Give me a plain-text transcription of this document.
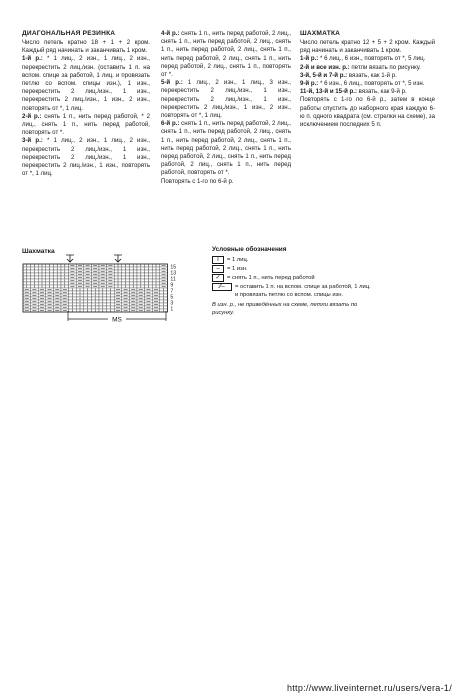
ДИАГОНАЛЬНАЯ РЕЗИНКА

Число петель кратно 18 + 1 + 2 кром. Каждый ряд начинать и заканчивать 1 кром.

1-й р.: * 1 лиц., 2 изн., 1 лиц., 2 изн., перекрестить 2 лиц./изн. (оставить 1 п. на вспом. спице за работой, 1 лиц. и провязать петлю со вспом. спицы изн.), 1 изн., перекрестить 2 лиц./изн., 1 изн., перекрестить 2 лиц./изн., 1 изн., 2 изн., повторять от *, 1 лиц.

2-й р.: снять 1 п., нить перед работой, * 2 лиц., снять 1 п., нить перед работой, повторять от *.

3-й р.: * 1 лиц., 2 изн., 1 лиц., 2 изн., перекрестить 2 лиц./изн., 1 изн., перекрестить 2 лиц./изн., 1 изн., перекрестить 2 лиц./изн., 1 изн., повторять от *, 1 лиц.

4-й р.: снять 1 п., нить перед работой, 2 лиц., снять 1 п., нить перед работой, 2 лиц., снять 1 п., нить перед работой, 2 лиц., снять 1 п., нить перед работой, 2 лиц., снять 1 п., нить перед работой, 2 лиц., снять 1 п., повторять от *.

5-й р.: 1 лиц., 2 изн., 1 лиц., 3 изн., перекрестить 2 лиц./изн., 1 изн., перекрестить 2 лиц./изн., 1 изн., перекрестить 2 лиц./изн., 1 изн., 2 изн., повторять от *, 1 лиц.

6-й р.: снять 1 п., нить перед работой, 2 лиц., снять 1 п., нить перед работой, 2 лиц., снять 1 п., нить перед работой, 2 лиц., снять 1 п., нить перед работой, 2 лиц., снять 1 п., нить перед работой, 2 лиц., снять 1 п., нить перед работой, 2 лиц., снять 1 п., нить перед работой, повторять от *.

Повторять с 1-го по 6-й р.

ШАХМАТКА

Число петель кратно 12 + 5 + 2 кром. Каждый ряд начинать и заканчивать 1 кром.

1-й р.: * 6 лиц., 6 изн., повторять от *, 5 лиц.

2-й и все изн. р.: петли вязать по рисунку.

3-й, 5-й и 7-й р.: вязать, как 1-й р.

9-й р.: * 6 изн., 6 лиц., повторять от *, 5 изн.

11-й, 13-й и 15-й р.: вязать, как 9-й р.

Повторять с 1-го по 6-й р., затем в конце работы спустить до наборного края каждую 6-ю п. одного квадрата (см. стрелки на схеме), за исключением последних 5 п.

Шахматка
15
13
11
9
7
5
3
1
MS
Условные обозначения
I	= 1 лиц.
–	= 1 изн.
✓	= снять 1 п., нить перед работой
⁄⁄–	= оставить 1 п. на вспом. спице за работой, 1 лиц. и провязать петлю со вспом. спицы изн.
В изн. р., не приведённых на схеме, петли вязать по рисунку.
http://www.liveinternet.ru/users/vera-1/
